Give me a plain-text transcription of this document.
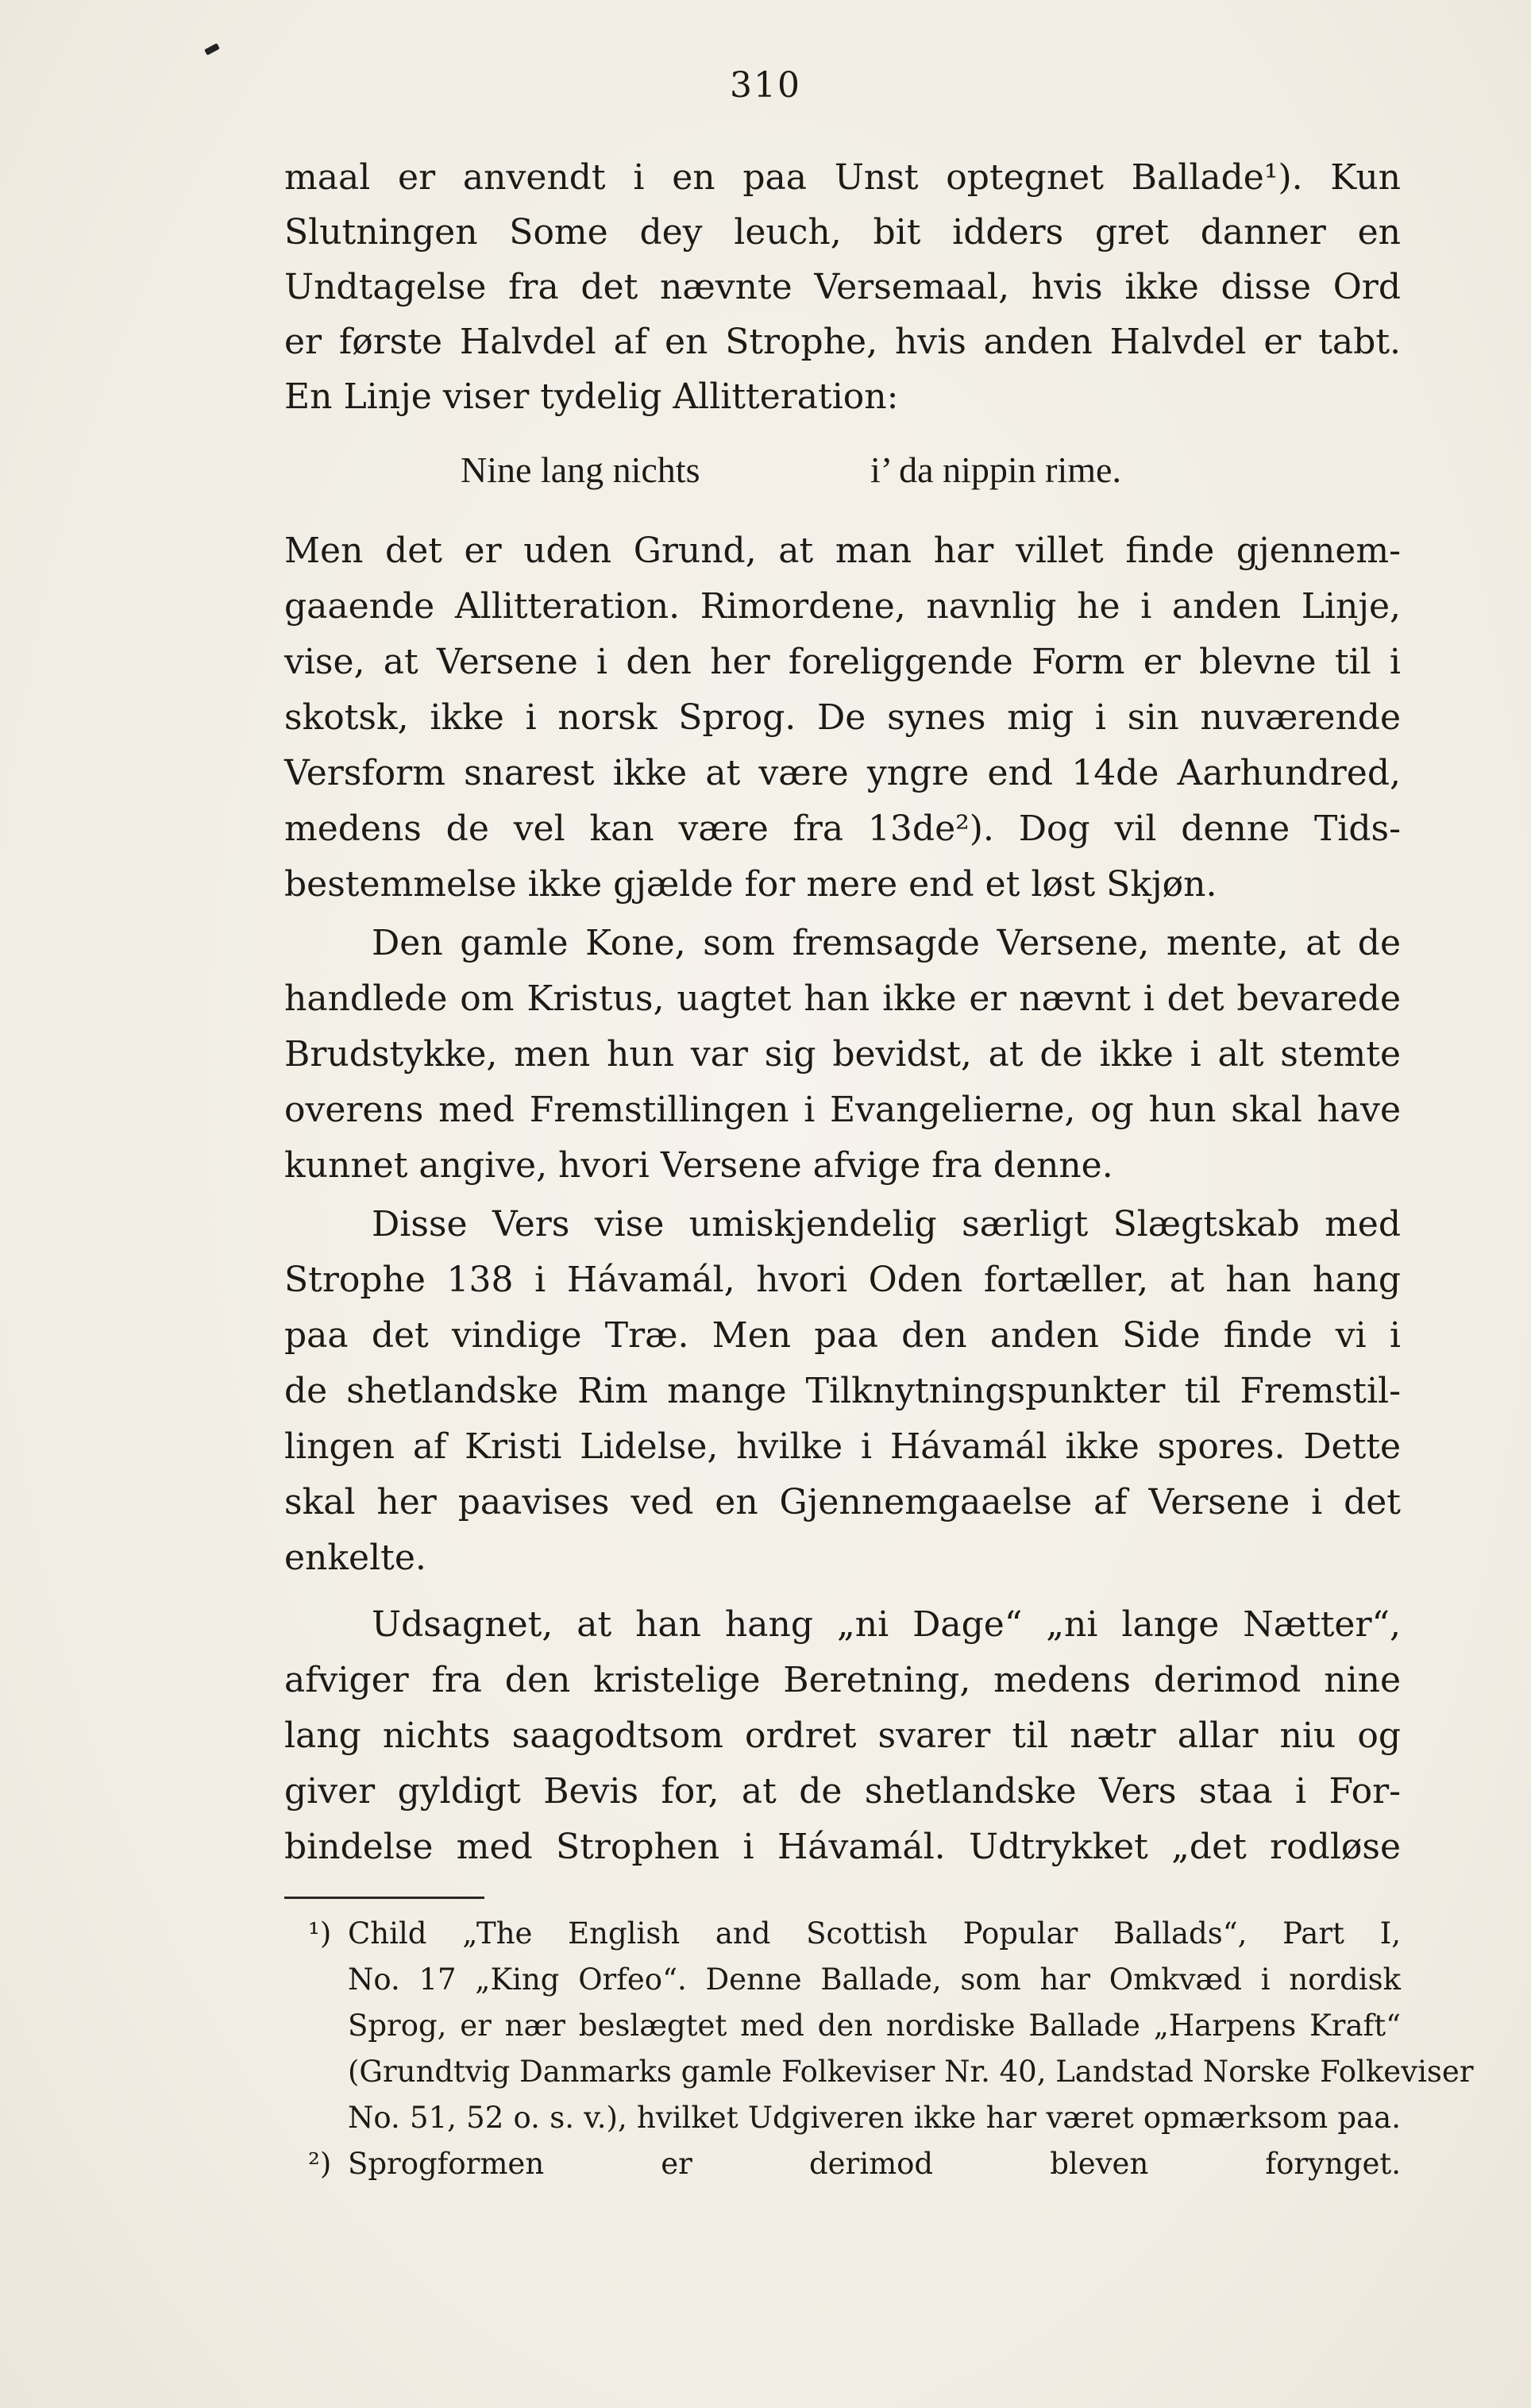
310
maal er anvendt i en paa Unst optegnet Ballade¹). Kun
Slutningen Some dey leuch, bit idders gret danner en
Undtagelse fra det nævnte Versemaal, hvis ikke disse Ord
er første Halvdel af en Strophe, hvis anden Halvdel er tabt.
En Linje viser tydelig Allitteration:
Nine lang nichts	i’ da nippin rime.
Men det er uden Grund, at man har villet finde gjennem-
gaaende Allitteration. Rimordene, navnlig he i anden Linje,
vise, at Versene i den her foreliggende Form er blevne til i
skotsk, ikke i norsk Sprog. De synes mig i sin nuværende
Versform snarest ikke at være yngre end 14de Aarhundred,
medens de vel kan være fra 13de²). Dog vil denne Tids-
bestemmelse ikke gjælde for mere end et løst Skjøn.
Den gamle Kone, som fremsagde Versene, mente, at de
handlede om Kristus, uagtet han ikke er nævnt i det bevarede
Brudstykke, men hun var sig bevidst, at de ikke i alt stemte
overens med Fremstillingen i Evangelierne, og hun skal have
kunnet angive, hvori Versene afvige fra denne.
Disse Vers vise umiskjendelig særligt Slægtskab med
Strophe 138 i Hávamál, hvori Oden fortæller, at han hang
paa det vindige Træ. Men paa den anden Side finde vi i
de shetlandske Rim mange Tilknytningspunkter til Fremstil-
lingen af Kristi Lidelse, hvilke i Hávamál ikke spores. Dette
skal her paavises ved en Gjennemgaaelse af Versene i det
enkelte.
Udsagnet, at han hang „ni Dage“ „ni lange Nætter“,
afviger fra den kristelige Beretning, medens derimod nine
lang nichts saagodtsom ordret svarer til nætr allar niu og
giver gyldigt Bevis for, at de shetlandske Vers staa i For-
bindelse med Strophen i Hávamál. Udtrykket „det rodløse
¹) Child „The English and Scottish Popular Ballads“, Part I,
No. 17 „King Orfeo“. Denne Ballade, som har Omkvæd i nordisk
Sprog, er nær beslægtet med den nordiske Ballade „Harpens Kraft“
(Grundtvig Danmarks gamle Folkeviser Nr. 40, Landstad Norske Folkeviser
No. 51, 52 o. s. v.), hvilket Udgiveren ikke har været opmærksom paa.
²) Sprogformen er derimod bleven forynget.
